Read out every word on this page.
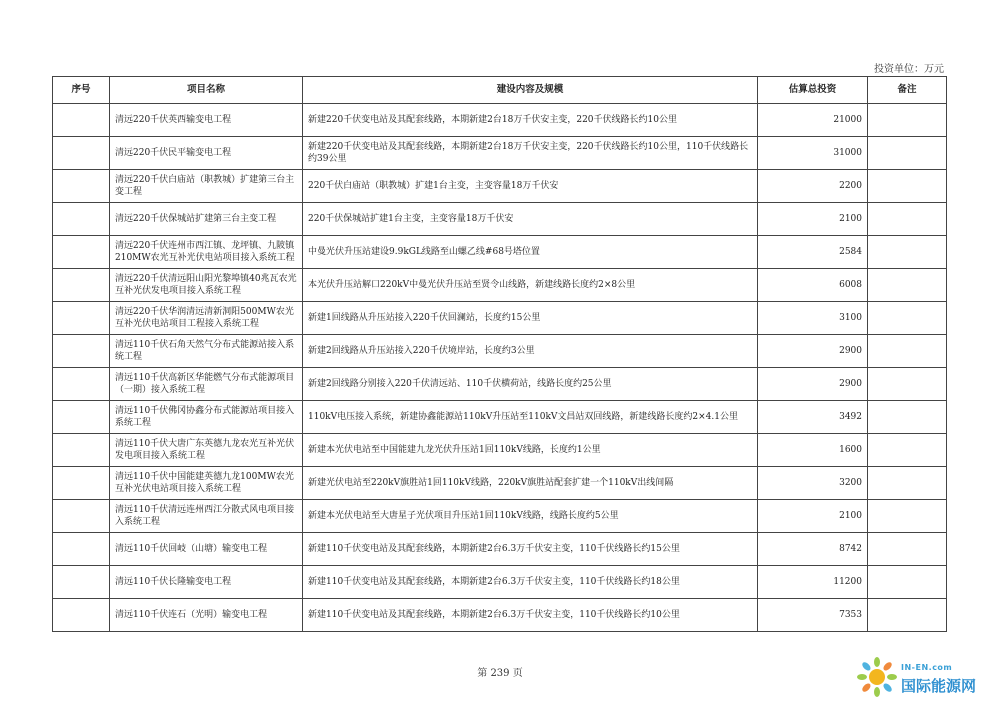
投资单位：万元
序号	项目名称	建设内容及规模	估算总投资	备注
	清远220千伏英西输变电工程	新建220千伏变电站及其配套线路，本期新建2台18万千伏安主变，220千伏线路长约10公里	21000	
	清远220千伏民平输变电工程	新建220千伏变电站及其配套线路，本期新建2台18万千伏安主变，220千伏线路长约10公里，110千伏线路长约39公里	31000	
	清远220千伏白庙站（职教城）扩建第三台主变工程	220千伏白庙站（职教城）扩建1台主变，主变容量18万千伏安	2200	
	清远220千伏保城站扩建第三台主变工程	220千伏保城站扩建1台主变，主变容量18万千伏安	2100	
	清远220千伏连州市西江镇、龙坪镇、九陂镇210MW农光互补光伏电站项目接入系统工程	中曼光伏升压站建设9.9kGL线路至山螺乙线#68号塔位置	2584	
	清远220千伏清远阳山阳光黎埠镇40兆瓦农光互补光伏发电项目接入系统工程	本光伏升压站解口220kV中曼光伏升压站至贤令山线路，新建线路长度约2×8公里	6008	
	清远220千伏华润清远清新洞阳500MW农光互补光伏电站项目工程接入系统工程	新建1回线路从升压站接入220千伏回澜站，长度约15公里	3100	
	清远110千伏石角天然气分布式能源站接入系统工程	新建2回线路从升压站接入220千伏境岸站，长度约3公里	2900	
	清远110千伏高新区华能燃气分布式能源项目（一期）接入系统工程	新建2回线路分别接入220千伏清远站、110千伏横荷站，线路长度约25公里	2900	
	清远110千伏佛冈协鑫分布式能源站项目接入系统工程	110kV电压接入系统，新建协鑫能源站110kV升压站至110kV文昌站双回线路，新建线路长度约2×4.1公里	3492	
	清远110千伏大唐广东英德九龙农光互补光伏发电项目接入系统工程	新建本光伏电站至中国能建九龙光伏升压站1回110kV线路，长度约1公里	1600	
	清远110千伏中国能建英德九龙100MW农光互补光伏电站项目接入系统工程	新建光伏电站至220kV旗胜站1回110kV线路，220kV旗胜站配套扩建一个110kV出线间隔	3200	
	清远110千伏清远连州西江分散式风电项目接入系统工程	新建本光伏电站至大唐星子光伏项目升压站1回110kV线路，线路长度约5公里	2100	
	清远110千伏回岐（山塘）输变电工程	新建110千伏变电站及其配套线路，本期新建2台6.3万千伏安主变，110千伏线路长约15公里	8742	
	清远110千伏长隆输变电工程	新建110千伏变电站及其配套线路，本期新建2台6.3万千伏安主变，110千伏线路长约18公里	11200	
	清远110千伏连石（光明）输变电工程	新建110千伏变电站及其配套线路，本期新建2台6.3万千伏安主变，110千伏线路长约10公里	7353	
第 239 页
IN-EN.com
国际能源网
